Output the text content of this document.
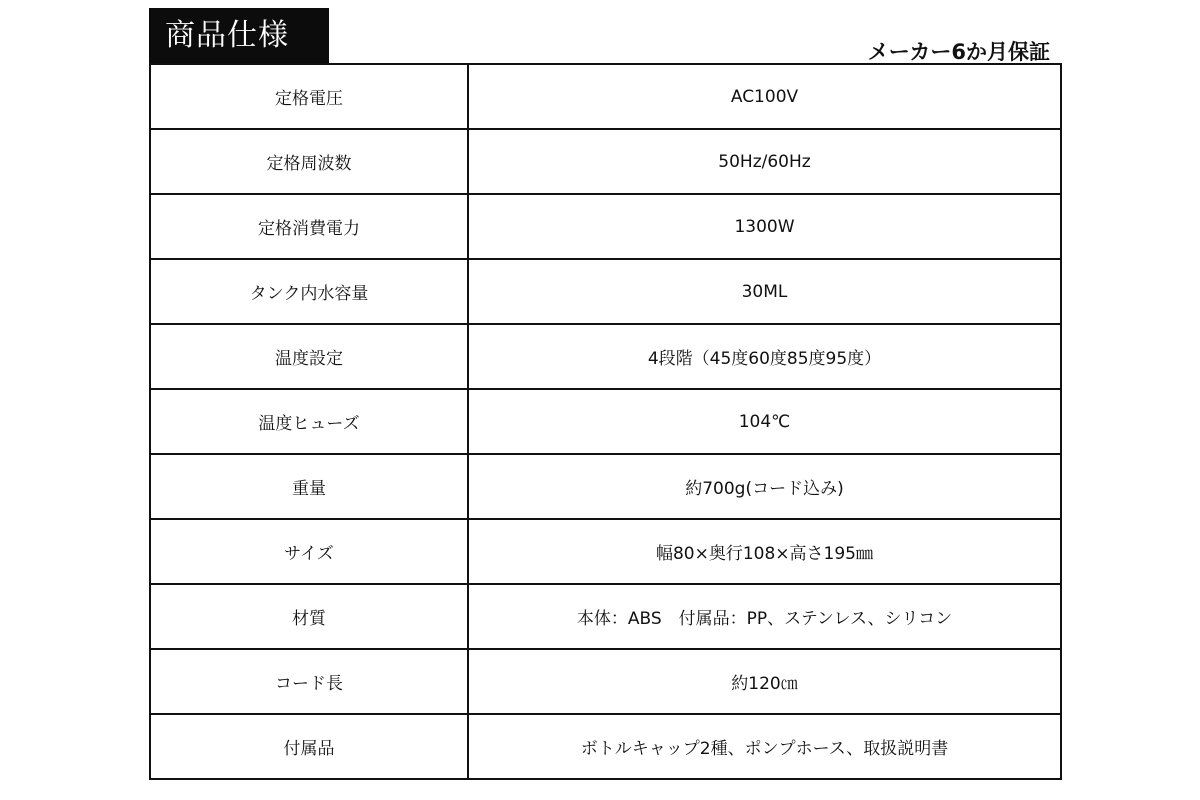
商品仕様	メーカー6か月保証
定格電圧	AC100V
定格周波数	50Hz/60Hz
定格消費電力	1300W
タンク内水容量	30ML
温度設定	4段階（45度60度85度95度）
温度ヒューズ	104℃
重量	約700g(コード込み)
サイズ	幅80×奥行108×高さ195㎜
材質	本体：ABS　付属品：PP、ステンレス、シリコン
コード長	約120㎝
付属品	ボトルキャップ2種、ポンプホース、取扱説明書
